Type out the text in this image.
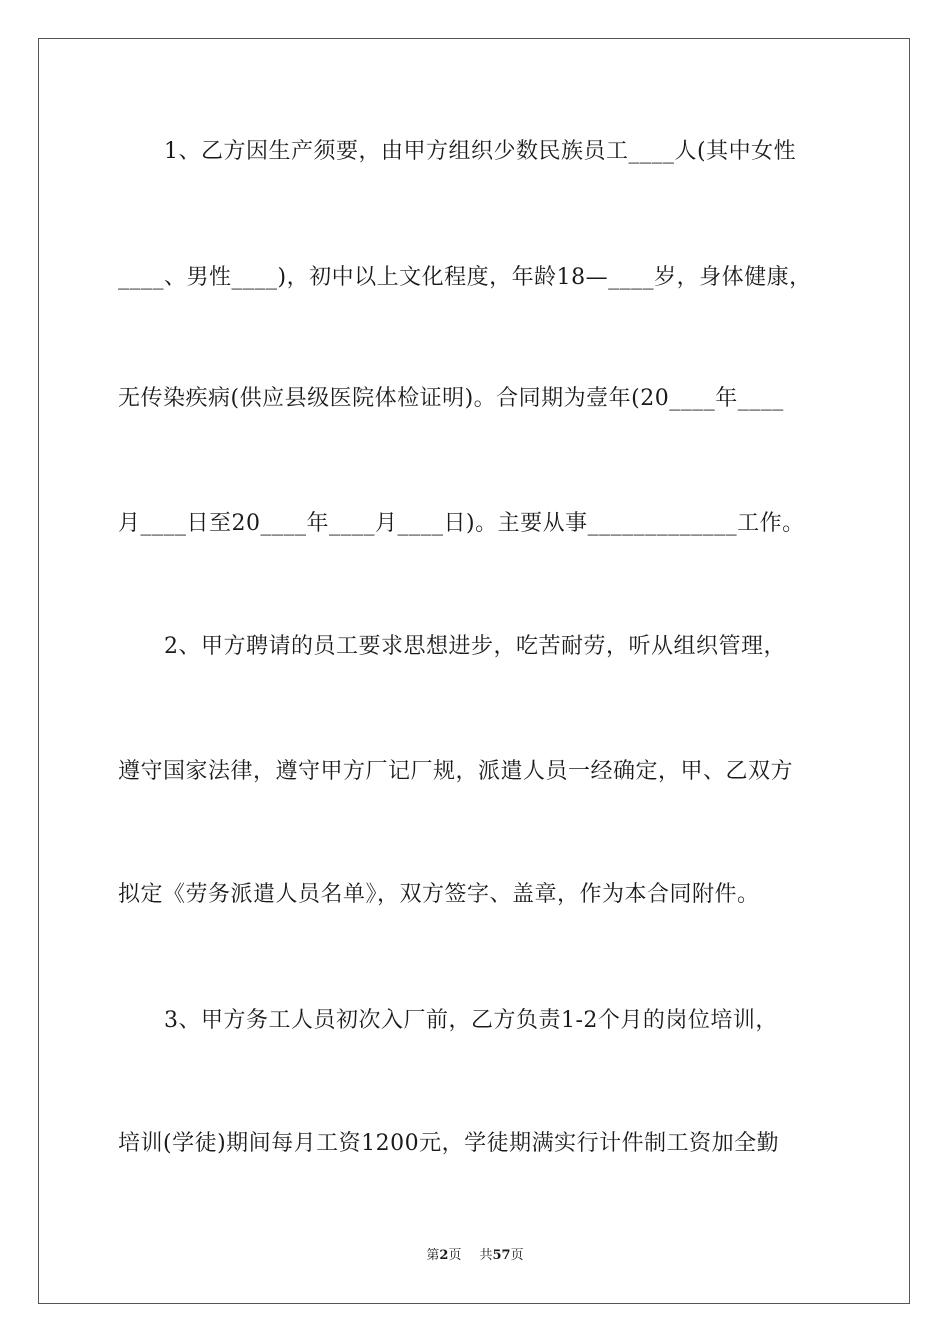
1、乙方因生产须要，由甲方组织少数民族员工____人(其中女性
____、男性____)，初中以上文化程度，年龄18—____岁，身体健康，
无传染疾病(供应县级医院体检证明)。合同期为壹年(20____年____
月____日至20____年____月____日)。主要从事_____________工作。
2、甲方聘请的员工要求思想进步，吃苦耐劳，听从组织管理，
遵守国家法律，遵守甲方厂记厂规，派遣人员一经确定，甲、乙双方
拟定《劳务派遣人员名单》，双方签字、盖章，作为本合同附件。
3、甲方务工人员初次入厂前，乙方负责1-2个月的岗位培训，
培训(学徒)期间每月工资1200元，学徒期满实行计件制工资加全勤
第2页 共57页
